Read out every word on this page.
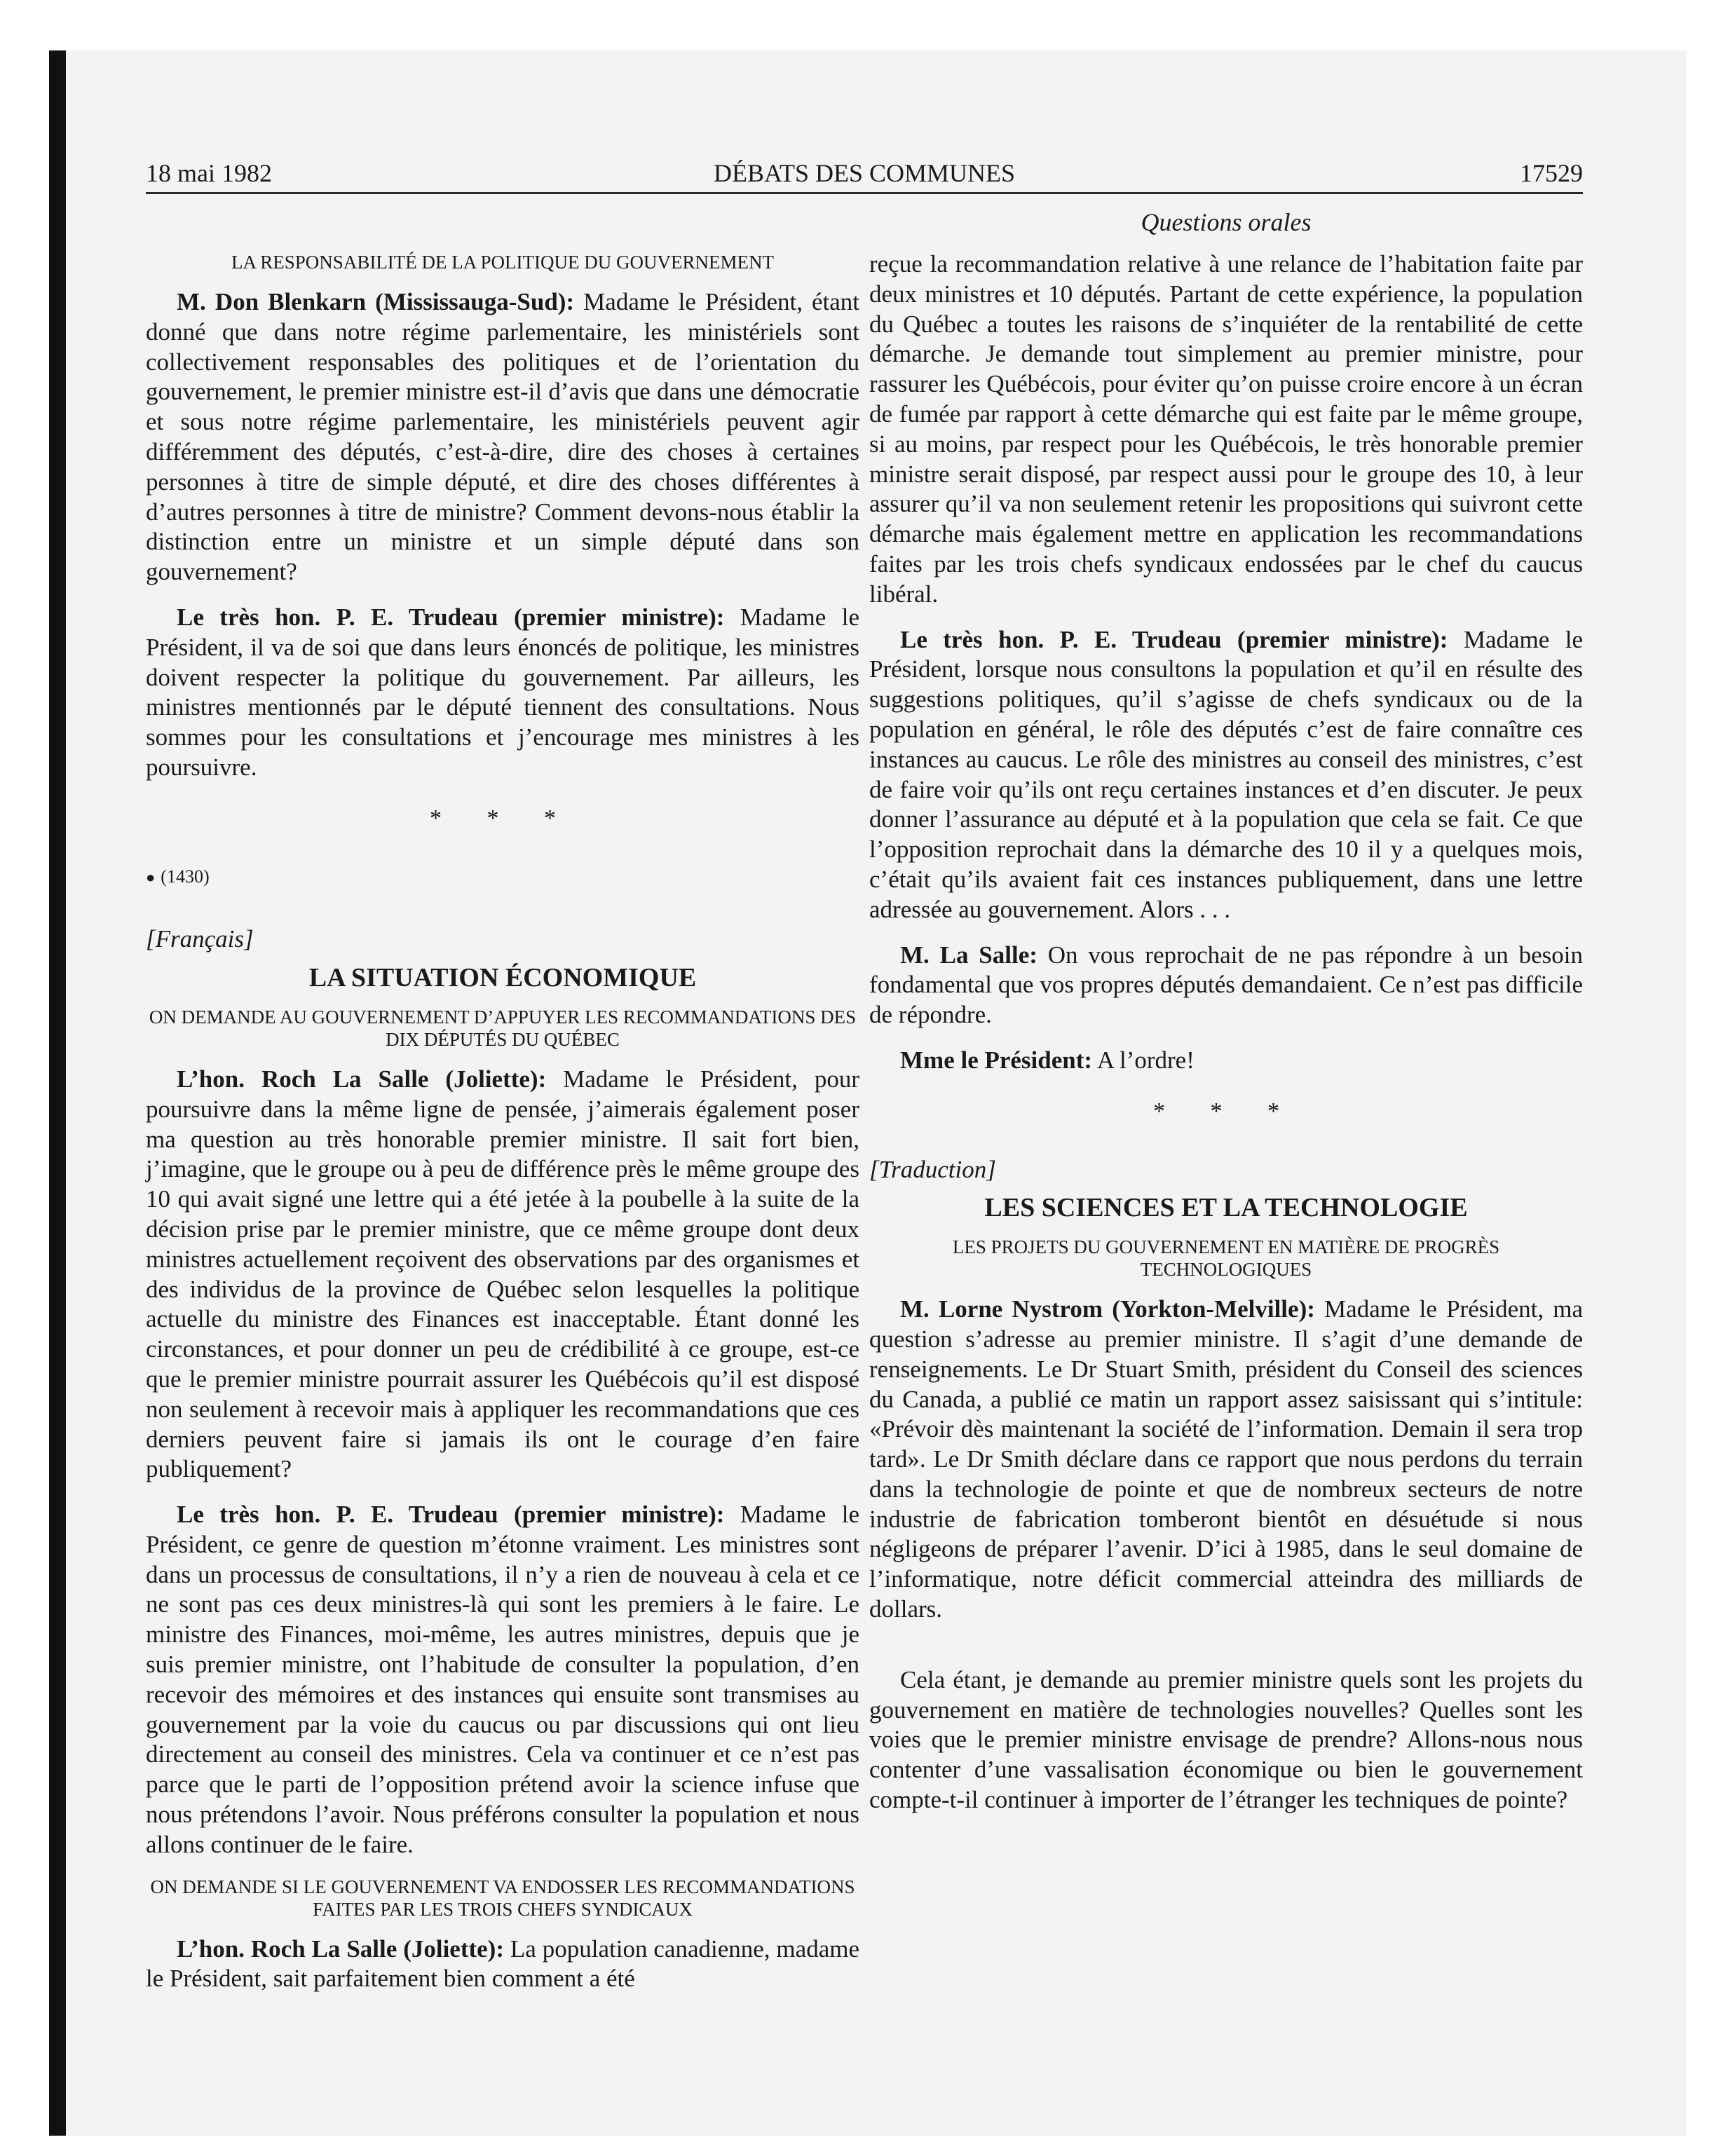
18 mai 1982	DÉBATS DES COMMUNES	17529
Questions orales
LA RESPONSABILITÉ DE LA POLITIQUE DU GOUVERNEMENT

M. Don Blenkarn (Mississauga-Sud): Madame le Président, étant donné que dans notre régime parlementaire, les ministériels sont collectivement responsables des politiques et de l’orientation du gouvernement, le premier ministre est-il d’avis que dans une démocratie et sous notre régime parlementaire, les ministériels peuvent agir différemment des députés, c’est-à-dire, dire des choses à certaines personnes à titre de simple député, et dire des choses différentes à d’autres personnes à titre de ministre? Comment devons-nous établir la distinction entre un ministre et un simple député dans son gouvernement?

Le très hon. P. E. Trudeau (premier ministre): Madame le Président, il va de soi que dans leurs énoncés de politique, les ministres doivent respecter la politique du gouvernement. Par ailleurs, les ministres mentionnés par le député tiennent des consultations. Nous sommes pour les consultations et j’encourage mes ministres à les poursuivre.

* * *
● (1430)
[Français]
LA SITUATION ÉCONOMIQUE
ON DEMANDE AU GOUVERNEMENT D’APPUYER LES RECOMMANDATIONS DES DIX DÉPUTÉS DU QUÉBEC

L’hon. Roch La Salle (Joliette): Madame le Président, pour poursuivre dans la même ligne de pensée, j’aimerais également poser ma question au très honorable premier ministre. Il sait fort bien, j’imagine, que le groupe ou à peu de différence près le même groupe des 10 qui avait signé une lettre qui a été jetée à la poubelle à la suite de la décision prise par le premier ministre, que ce même groupe dont deux ministres actuellement reçoivent des observations par des organismes et des individus de la province de Québec selon lesquelles la politique actuelle du ministre des Finances est inacceptable. Étant donné les circonstances, et pour donner un peu de crédibilité à ce groupe, est-ce que le premier ministre pourrait assurer les Québécois qu’il est disposé non seulement à recevoir mais à appliquer les recommandations que ces derniers peuvent faire si jamais ils ont le courage d’en faire publiquement?

Le très hon. P. E. Trudeau (premier ministre): Madame le Président, ce genre de question m’étonne vraiment. Les ministres sont dans un processus de consultations, il n’y a rien de nouveau à cela et ce ne sont pas ces deux ministres-là qui sont les premiers à le faire. Le ministre des Finances, moi-même, les autres ministres, depuis que je suis premier ministre, ont l’habitude de consulter la population, d’en recevoir des mémoires et des instances qui ensuite sont transmises au gouvernement par la voie du caucus ou par discussions qui ont lieu directement au conseil des ministres. Cela va continuer et ce n’est pas parce que le parti de l’opposition prétend avoir la science infuse que nous prétendons l’avoir. Nous préférons consulter la population et nous allons continuer de le faire.

ON DEMANDE SI LE GOUVERNEMENT VA ENDOSSER LES RECOMMANDATIONS FAITES PAR LES TROIS CHEFS SYNDICAUX

L’hon. Roch La Salle (Joliette): La population canadienne, madame le Président, sait parfaitement bien comment a été

reçue la recommandation relative à une relance de l’habitation faite par deux ministres et 10 députés. Partant de cette expérience, la population du Québec a toutes les raisons de s’inquiéter de la rentabilité de cette démarche. Je demande tout simplement au premier ministre, pour rassurer les Québécois, pour éviter qu’on puisse croire encore à un écran de fumée par rapport à cette démarche qui est faite par le même groupe, si au moins, par respect pour les Québécois, le très honorable premier ministre serait disposé, par respect aussi pour le groupe des 10, à leur assurer qu’il va non seulement retenir les propositions qui suivront cette démarche mais également mettre en application les recommandations faites par les trois chefs syndicaux endossées par le chef du caucus libéral.

Le très hon. P. E. Trudeau (premier ministre): Madame le Président, lorsque nous consultons la population et qu’il en résulte des suggestions politiques, qu’il s’agisse de chefs syndicaux ou de la population en général, le rôle des députés c’est de faire connaître ces instances au caucus. Le rôle des ministres au conseil des ministres, c’est de faire voir qu’ils ont reçu certaines instances et d’en discuter. Je peux donner l’assurance au député et à la population que cela se fait. Ce que l’opposition reprochait dans la démarche des 10 il y a quelques mois, c’était qu’ils avaient fait ces instances publiquement, dans une lettre adressée au gouvernement. Alors . . .

M. La Salle: On vous reprochait de ne pas répondre à un besoin fondamental que vos propres députés demandaient. Ce n’est pas difficile de répondre.

Mme le Président: A l’ordre!

* * *
[Traduction]
LES SCIENCES ET LA TECHNOLOGIE
LES PROJETS DU GOUVERNEMENT EN MATIÈRE DE PROGRÈS TECHNOLOGIQUES

M. Lorne Nystrom (Yorkton-Melville): Madame le Président, ma question s’adresse au premier ministre. Il s’agit d’une demande de renseignements. Le Dr Stuart Smith, président du Conseil des sciences du Canada, a publié ce matin un rapport assez saisissant qui s’intitule: «Prévoir dès maintenant la société de l’information. Demain il sera trop tard». Le Dr Smith déclare dans ce rapport que nous perdons du terrain dans la technologie de pointe et que de nombreux secteurs de notre industrie de fabrication tomberont bientôt en désuétude si nous négligeons de préparer l’avenir. D’ici à 1985, dans le seul domaine de l’informatique, notre déficit commercial atteindra des milliards de dollars.

Cela étant, je demande au premier ministre quels sont les projets du gouvernement en matière de technologies nouvelles? Quelles sont les voies que le premier ministre envisage de prendre? Allons-nous nous contenter d’une vassalisation économique ou bien le gouvernement compte-t-il continuer à importer de l’étranger les techniques de pointe?
